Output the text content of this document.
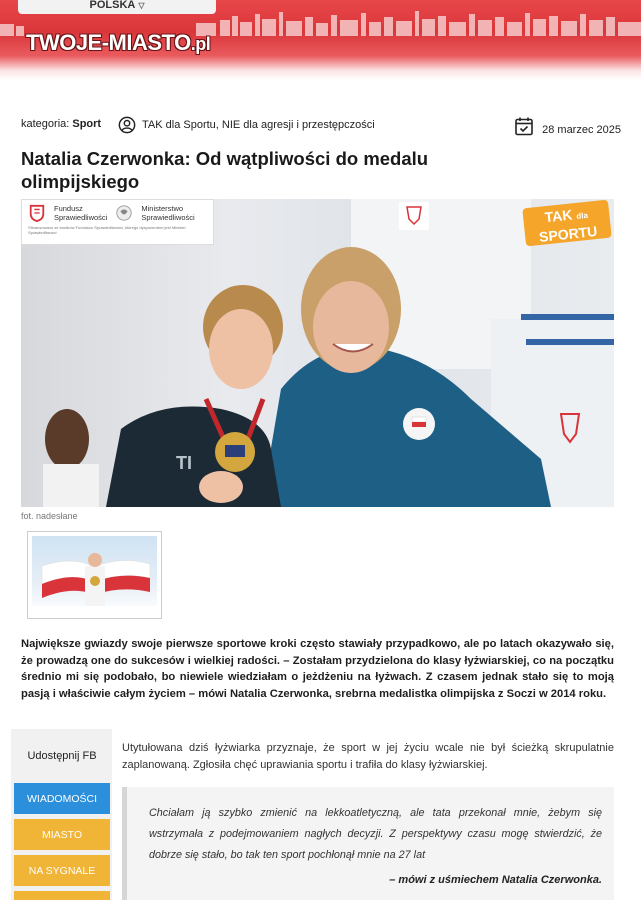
POLSKA ▽
TWOJE-MIASTO.pl
kategoria: Sport	TAK dla Sportu, NIE dla agresji i przestępczości	28 marzec 2025
Natalia Czerwonka: Od wątpliwości do medalu olimpijskiego
TI
Fundusz
Sprawiedliwości
Ministerstwo
Sprawiedliwości
Sfinansowano ze środków Funduszu Sprawiedliwości, którego dysponentem jest Minister Sprawiedliwości
TAK dla
SPORTU
fot. nadesłane

Największe gwiazdy swoje pierwsze sportowe kroki często stawiały przypadkowo, ale po latach okazywało się, że prowadzą one do sukcesów i wielkiej radości. – Zostałam przydzielona do klasy łyżwiarskiej, co na początku średnio mi się podobało, bo niewiele wiedziałam o jeżdżeniu na łyżwach. Z czasem jednak stało się to moją pasją i właściwie całym życiem – mówi Natalia Czerwonka, srebrna medalistka olimpijska z Soczi w 2014 roku.

Udostępnij FB
WIADOMOŚCI
MIASTO
NA SYGNALE

Utytułowana dziś łyżwiarka przyznaje, że sport w jej życiu wcale nie był ścieżką skrupulatnie zaplanowaną. Zgłosiła chęć uprawiania sportu i trafiła do klasy łyżwiarskiej.

Chciałam ją szybko zmienić na lekkoatletyczną, ale tata przekonał mnie, żebym się wstrzymała z podejmowaniem nagłych decyzji. Z perspektywy czasu mogę stwierdzić, że dobrze się stało, bo tak ten sport pochłonął mnie na 27 lat

– mówi z uśmiechem Natalia Czerwonka.
